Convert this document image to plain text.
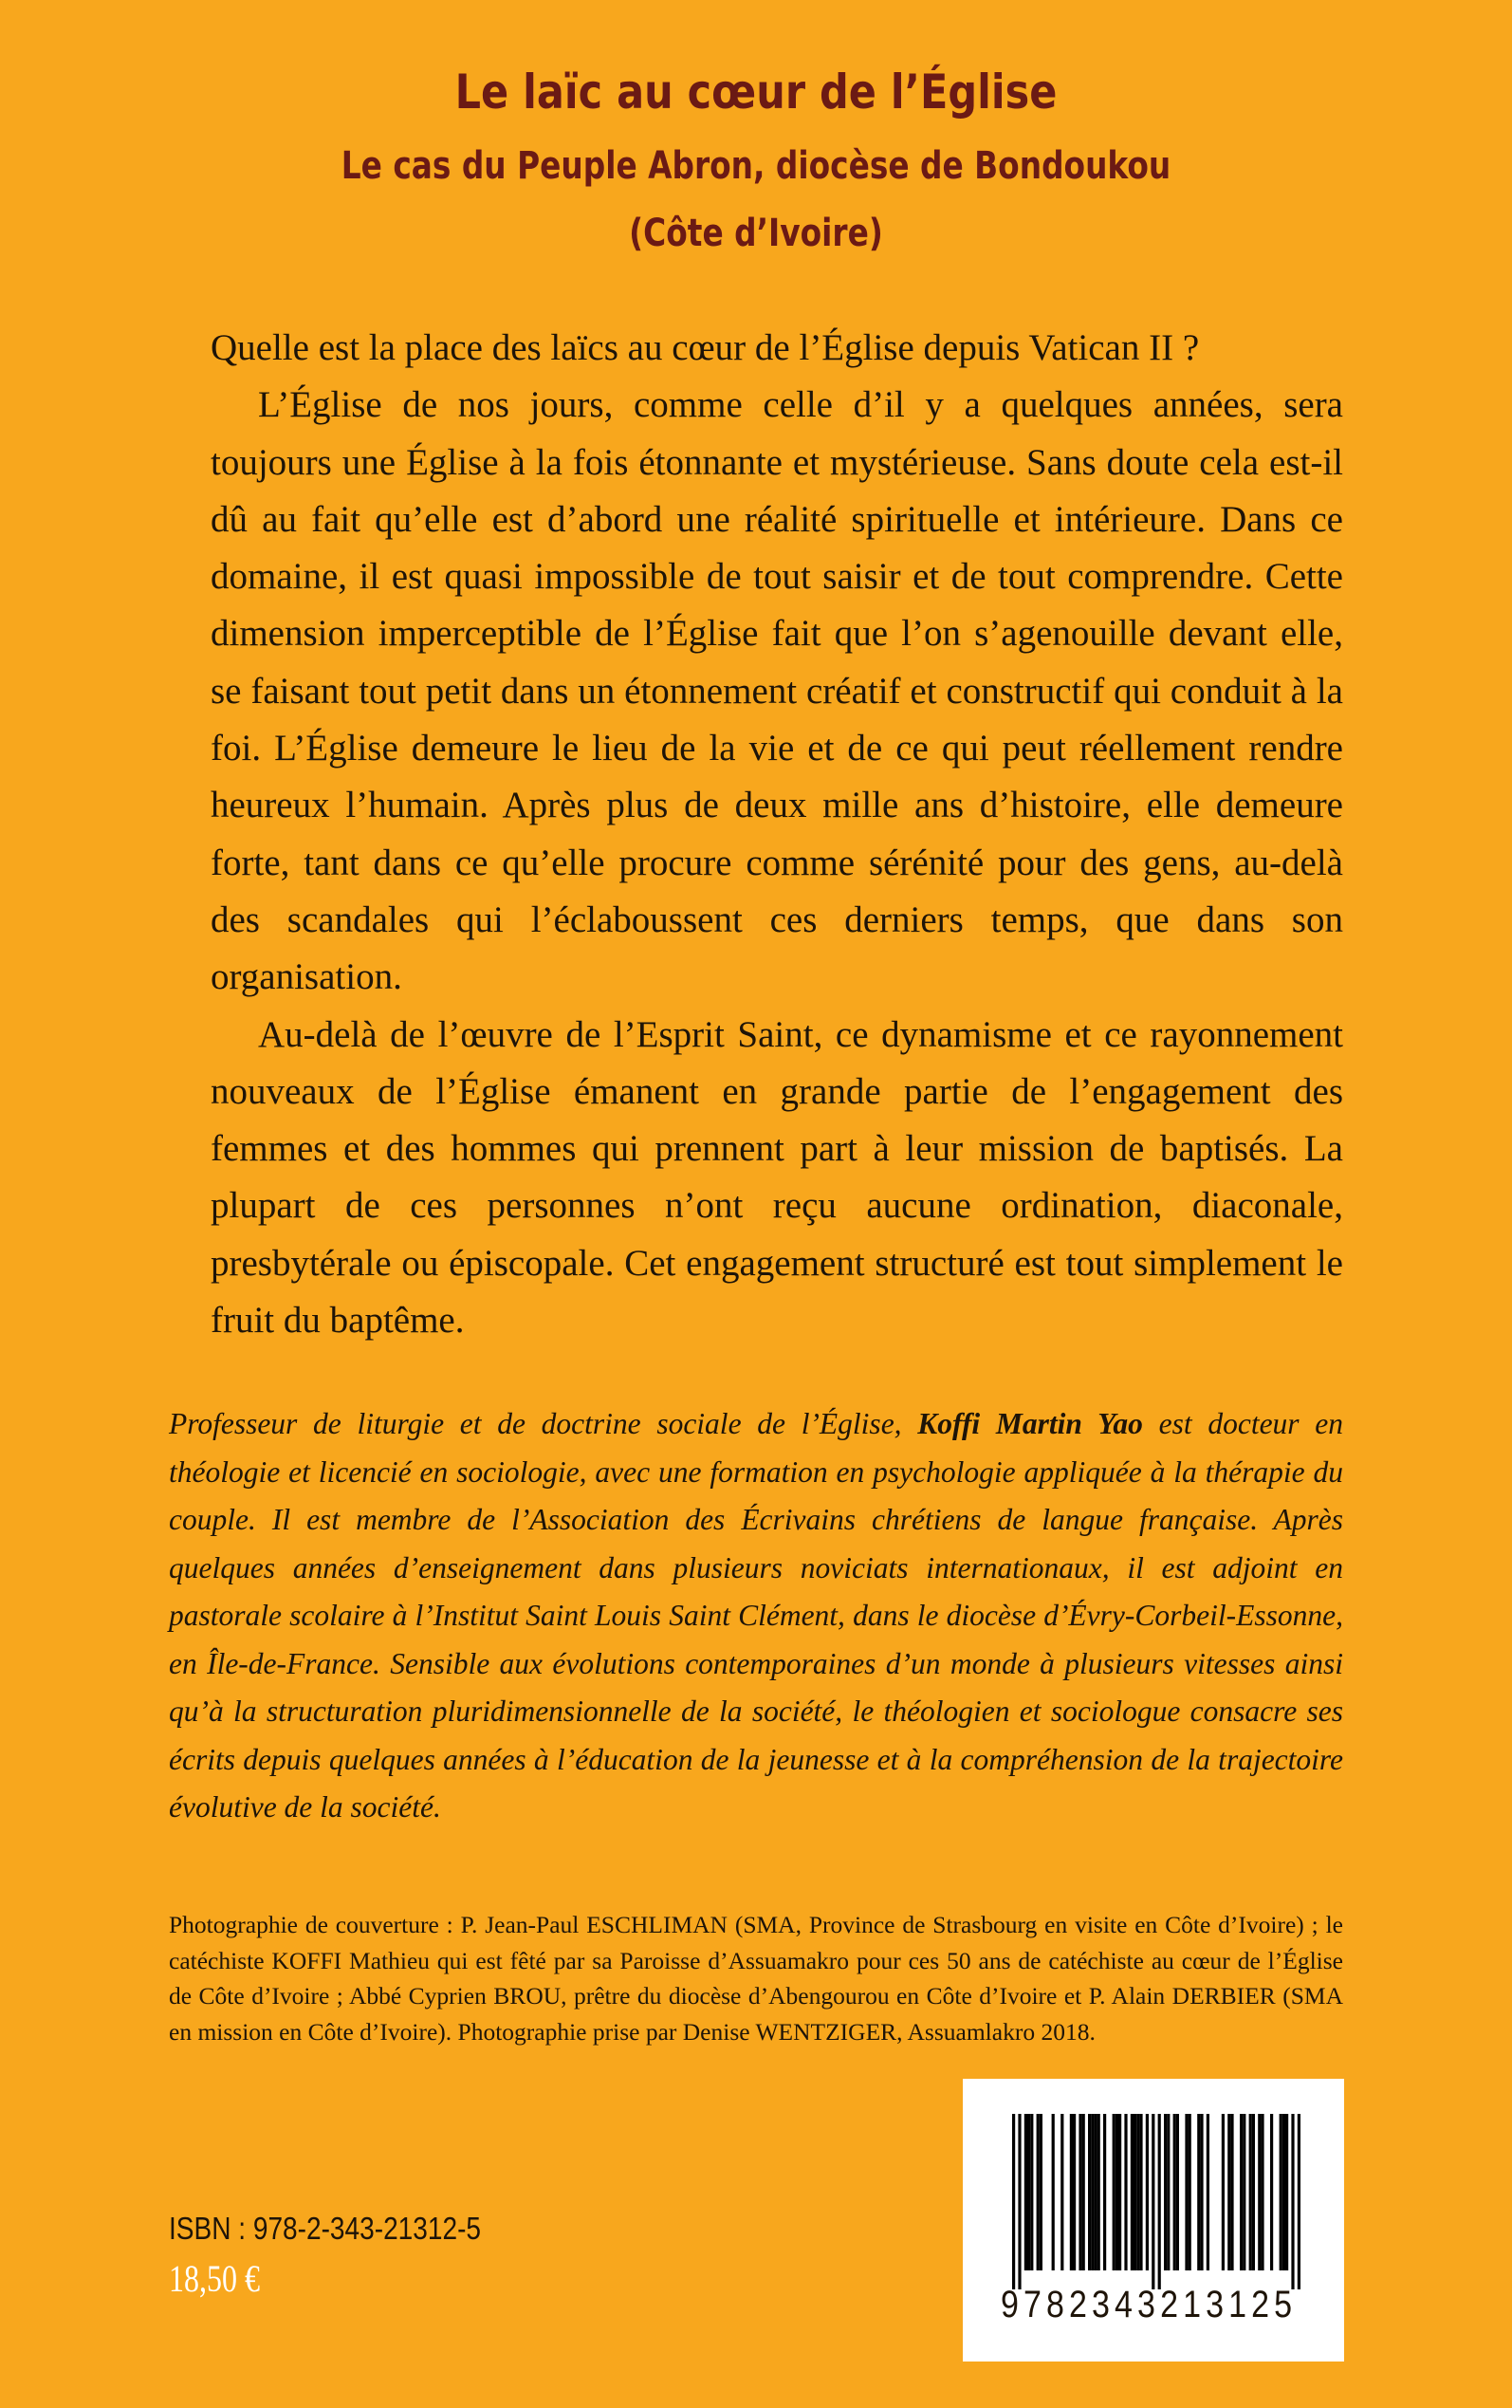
Le laïc au cœur de l’Église
Le cas du Peuple Abron, diocèse de Bondoukou
(Côte d’Ivoire)

Quelle est la place des laïcs au cœur de l’Église depuis Vatican II ?

L’Église de nos jours, comme celle d’il y a quelques années, sera toujours une Église à la fois étonnante et mystérieuse. Sans doute cela est-il dû au fait qu’elle est d’abord une réalité spirituelle et intérieure. Dans ce domaine, il est quasi impossible de tout saisir et de tout comprendre. Cette dimension imperceptible de l’Église fait que l’on s’agenouille devant elle, se faisant tout petit dans un étonnement créatif et constructif qui conduit à la foi. L’Église demeure le lieu de la vie et de ce qui peut réellement rendre heureux l’humain. Après plus de deux mille ans d’histoire, elle demeure forte, tant dans ce qu’elle procure comme sérénité pour des gens, au-delà des scandales qui l’éclaboussent ces derniers temps, que dans son organisation.

Au-delà de l’œuvre de l’Esprit Saint, ce dynamisme et ce rayonnement nouveaux de l’Église émanent en grande partie de l’engagement des femmes et des hommes qui prennent part à leur mission de baptisés. La plupart de ces personnes n’ont reçu aucune ordination, diaconale, presbytérale ou épiscopale. Cet engagement structuré est tout simplement le fruit du baptême.

Professeur de liturgie et de doctrine sociale de l’Église, Koffi Martin Yao est docteur en théologie et licencié en sociologie, avec une formation en psychologie appliquée à la thérapie du couple. Il est membre de l’Association des Écrivains chrétiens de langue française. Après quelques années d’enseignement dans plusieurs noviciats internationaux, il est adjoint en pastorale scolaire à l’Institut Saint Louis Saint Clément, dans le diocèse d’Évry-Corbeil-Essonne, en Île-de-France. Sensible aux évolutions contemporaines d’un monde à plusieurs vitesses ainsi qu’à la structuration pluridimensionnelle de la société, le théologien et sociologue consacre ses écrits depuis quelques années à l’éducation de la jeunesse et à la compréhension de la trajectoire évolutive de la société.
Photographie de couverture : P. Jean-Paul ESCHLIMAN (SMA, Province de Strasbourg en visite en Côte d’Ivoire) ; le catéchiste KOFFI Mathieu qui est fêté par sa Paroisse d’Assuamakro pour ces 50 ans de catéchiste au cœur de l’Église de Côte d’Ivoire ; Abbé Cyprien BROU, prêtre du diocèse d’Abengourou en Côte d’Ivoire et P. Alain DERBIER (SMA en mission en Côte d’Ivoire). Photographie prise par Denise WENTZIGER, Assuamlakro 2018.
ISBN : 978-2-343-21312-5
18,50 €
9782343213125
